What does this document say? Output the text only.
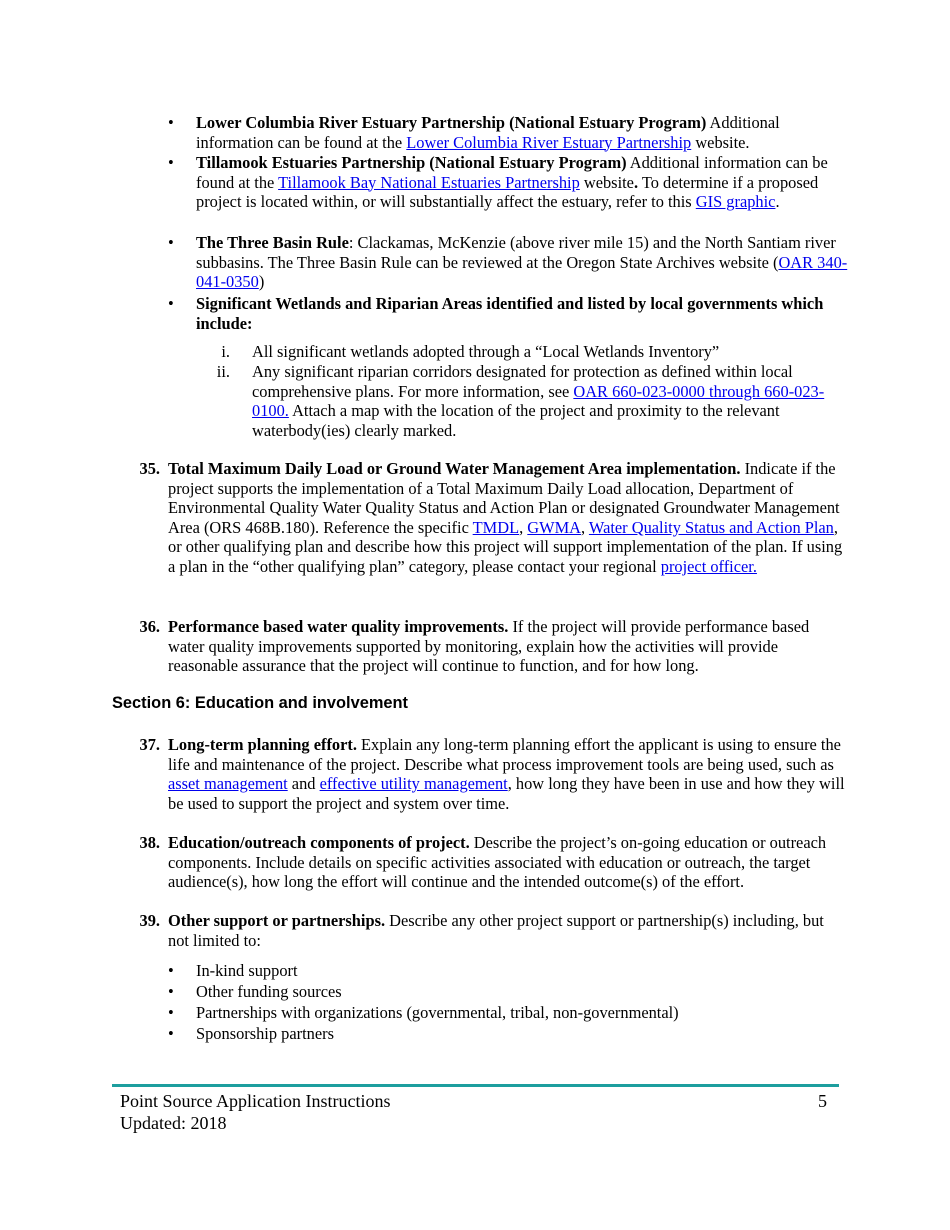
• Lower Columbia River Estuary Partnership (National Estuary Program) Additional information can be found at the Lower Columbia River Estuary Partnership website.
• Tillamook Estuaries Partnership (National Estuary Program) Additional information can be found at the Tillamook Bay National Estuaries Partnership website. To determine if a proposed project is located within, or will substantially affect the estuary, refer to this GIS graphic.
• The Three Basin Rule: Clackamas, McKenzie (above river mile 15) and the North Santiam river subbasins. The Three Basin Rule can be reviewed at the Oregon State Archives website (OAR 340-041-0350)
• Significant Wetlands and Riparian Areas identified and listed by local governments which include:
i. All significant wetlands adopted through a “Local Wetlands Inventory”
ii. Any significant riparian corridors designated for protection as defined within local comprehensive plans. For more information, see OAR 660-023-0000 through 660-023-0100. Attach a map with the location of the project and proximity to the relevant waterbody(ies) clearly marked.
35. Total Maximum Daily Load or Ground Water Management Area implementation. Indicate if the project supports the implementation of a Total Maximum Daily Load allocation, Department of Environmental Quality Water Quality Status and Action Plan or designated Groundwater Management Area (ORS 468B.180). Reference the specific TMDL, GWMA, Water Quality Status and Action Plan, or other qualifying plan and describe how this project will support implementation of the plan. If using a plan in the “other qualifying plan” category, please contact your regional project officer.
36. Performance based water quality improvements. If the project will provide performance based water quality improvements supported by monitoring, explain how the activities will provide reasonable assurance that the project will continue to function, and for how long.
Section 6: Education and involvement
37. Long-term planning effort. Explain any long-term planning effort the applicant is using to ensure the life and maintenance of the project. Describe what process improvement tools are being used, such as asset management and effective utility management, how long they have been in use and how they will be used to support the project and system over time.
38. Education/outreach components of project. Describe the project’s on-going education or outreach components. Include details on specific activities associated with education or outreach, the target audience(s), how long the effort will continue and the intended outcome(s) of the effort.
39. Other support or partnerships. Describe any other project support or partnership(s) including, but not limited to:
• In-kind support
• Other funding sources
• Partnerships with organizations (governmental, tribal, non-governmental)
• Sponsorship partners
Point Source Application Instructions
Updated: 2018
5
